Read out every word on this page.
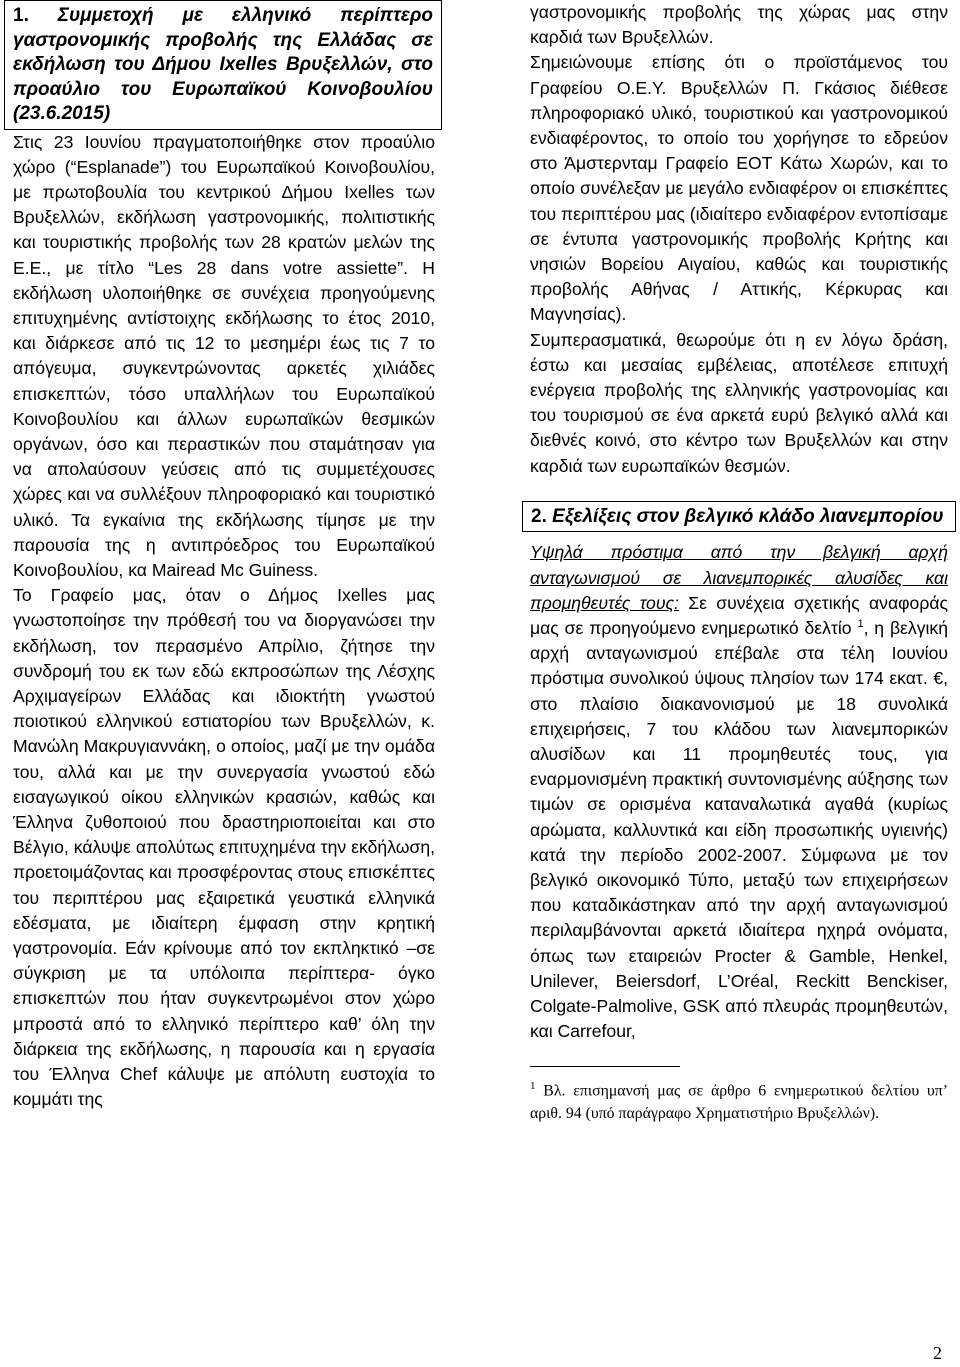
1. Συμμετοχή με ελληνικό περίπτερο γαστρονομικής προβολής της Ελλάδας σε εκδήλωση του Δήμου Ixelles Βρυξελλών, στο προαύλιο του Ευρωπαϊκού Κοινοβουλίου (23.6.2015)

Στις 23 Ιουνίου πραγματοποιήθηκε στον προαύλιο χώρο (“Esplanade”) του Ευρωπαϊκού Κοινοβουλίου, με πρωτοβουλία του κεντρικού Δήμου Ixelles των Βρυξελλών, εκδήλωση γαστρονομικής, πολιτιστικής και τουριστικής προβολής των 28 κρατών μελών της Ε.Ε., με τίτλο “Les 28 dans votre assiette”. Η εκδήλωση υλοποιήθηκε σε συνέχεια προηγούμενης επιτυχημένης αντίστοιχης εκδήλωσης το έτος 2010, και διάρκεσε από τις 12 το μεσημέρι έως τις 7 το απόγευμα, συγκεντρώνοντας αρκετές χιλιάδες επισκεπτών, τόσο υπαλλήλων του Ευρωπαϊκού Κοινοβουλίου και άλλων ευρωπαϊκών θεσμικών οργάνων, όσο και περαστικών που σταμάτησαν για να απολαύσουν γεύσεις από τις συμμετέχουσες χώρες και να συλλέξουν πληροφοριακό και τουριστικό υλικό. Τα εγκαίνια της εκδήλωσης τίμησε με την παρουσία της η αντιπρόεδρος του Ευρωπαϊκού Κοινοβουλίου, κα Mairead Mc Guiness.

Το Γραφείο μας, όταν ο Δήμος Ixelles μας γνωστοποίησε την πρόθεσή του να διοργανώσει την εκδήλωση, τον περασμένο Απρίλιο, ζήτησε την συνδρομή του εκ των εδώ εκπροσώπων της Λέσχης Αρχιμαγείρων Ελλάδας και ιδιοκτήτη γνωστού ποιοτικού ελληνικού εστιατορίου των Βρυξελλών, κ. Μανώλη Μακρυγιαννάκη, ο οποίος, μαζί με την ομάδα του, αλλά και με την συνεργασία γνωστού εδώ εισαγωγικού οίκου ελληνικών κρασιών, καθώς και Έλληνα ζυθοποιού που δραστηριοποιείται και στο Βέλγιο, κάλυψε απολύτως επιτυχημένα την εκδήλωση, προετοιμάζοντας και προσφέροντας στους επισκέπτες του περιπτέρου μας εξαιρετικά γευστικά ελληνικά εδέσματα, με ιδιαίτερη έμφαση στην κρητική γαστρονομία. Εάν κρίνουμε από τον εκπληκτικό –σε σύγκριση με τα υπόλοιπα περίπτερα- όγκο επισκεπτών που ήταν συγκεντρωμένοι στον χώρο μπροστά από το ελληνικό περίπτερο καθ’ όλη την διάρκεια της εκδήλωσης, η παρουσία και η εργασία του Έλληνα Chef κάλυψε με απόλυτη ευστοχία το κομμάτι της

γαστρονομικής προβολής της χώρας μας στην καρδιά των Βρυξελλών.

Σημειώνουμε επίσης ότι ο προϊστάμενος του Γραφείου Ο.Ε.Υ. Βρυξελλών Π. Γκάσιος διέθεσε πληροφοριακό υλικό, τουριστικού και γαστρονομικού ενδιαφέροντος, το οποίο του χορήγησε το εδρεύον στο Άμστερνταμ Γραφείο ΕΟΤ Κάτω Χωρών, και το οποίο συνέλεξαν με μεγάλο ενδιαφέρον οι επισκέπτες του περιπτέρου μας (ιδιαίτερο ενδιαφέρον εντοπίσαμε σε έντυπα γαστρονομικής προβολής Κρήτης και νησιών Βορείου Αιγαίου, καθώς και τουριστικής προβολής Αθήνας / Αττικής, Κέρκυρας και Μαγνησίας).

Συμπερασματικά, θεωρούμε ότι η εν λόγω δράση, έστω και μεσαίας εμβέλειας, αποτέλεσε επιτυχή ενέργεια προβολής της ελληνικής γαστρονομίας και του τουρισμού σε ένα αρκετά ευρύ βελγικό αλλά και διεθνές κοινό, στο κέντρο των Βρυξελλών και στην καρδιά των ευρωπαϊκών θεσμών.

2. Εξελίξεις στον βελγικό κλάδο λιανεμπορίου

Υψηλά πρόστιμα από την βελγική αρχή ανταγωνισμού σε λιανεμπορικές αλυσίδες και προμηθευτές τους: Σε συνέχεια σχετικής αναφοράς μας σε προηγούμενο ενημερωτικό δελτίο $^1$, η βελγική αρχή ανταγωνισμού επέβαλε στα τέλη Ιουνίου πρόστιμα συνολικού ύψους πλησίον των 174 εκατ. €, στο πλαίσιο διακανονισμού με 18 συνολικά επιχειρήσεις, 7 του κλάδου των λιανεμπορικών αλυσίδων και 11 προμηθευτές τους, για εναρμονισμένη πρακτική συντονισμένης αύξησης των τιμών σε ορισμένα καταναλωτικά αγαθά (κυρίως αρώματα, καλλυντικά και είδη προσωπικής υγιεινής) κατά την περίοδο 2002-2007. Σύμφωνα με τον βελγικό οικονομικό Τύπο, μεταξύ των επιχειρήσεων που καταδικάστηκαν από την αρχή ανταγωνισμού περιλαμβάνονται αρκετά ιδιαίτερα ηχηρά ονόματα, όπως των εταιρειών Procter & Gamble, Henkel, Unilever, Beiersdorf, L’Oréal, Reckitt Benckiser, Colgate-Palmolive, GSK από πλευράς προμηθευτών, και Carrefour,

$^1$ Βλ. επισημανσή μας σε άρθρο 6 ενημερωτικού δελτίου υπ’ αριθ. 94 (υπό παράγραφο Χρηματιστήριο Βρυξελλών).
2
